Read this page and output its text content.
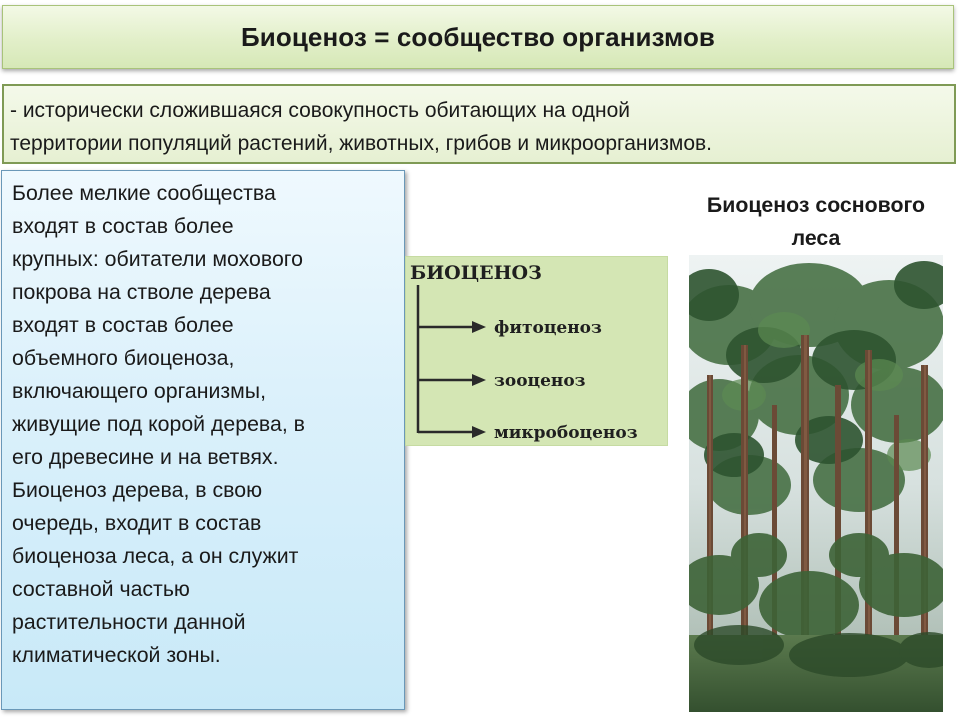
Биоценоз = сообщество организмов
- исторически сложившаяся совокупность обитающих на одной
территории популяций растений, животных, грибов и микроорганизмов.
Более мелкие сообщества
входят в состав более
крупных: обитатели мохового
покрова на стволе дерева
входят в состав более
объемного биоценоза,
включающего организмы,
живущие под корой дерева, в
его древесине и на ветвях.
Биоценоз дерева, в свою
очередь, входит в состав
биоценоза леса, а он служит
составной частью
растительности данной
климатической зоны.
БИОЦЕНОЗ
фитоценоз
зооценоз
микробоценоз
Биоценоз соснового
леса
